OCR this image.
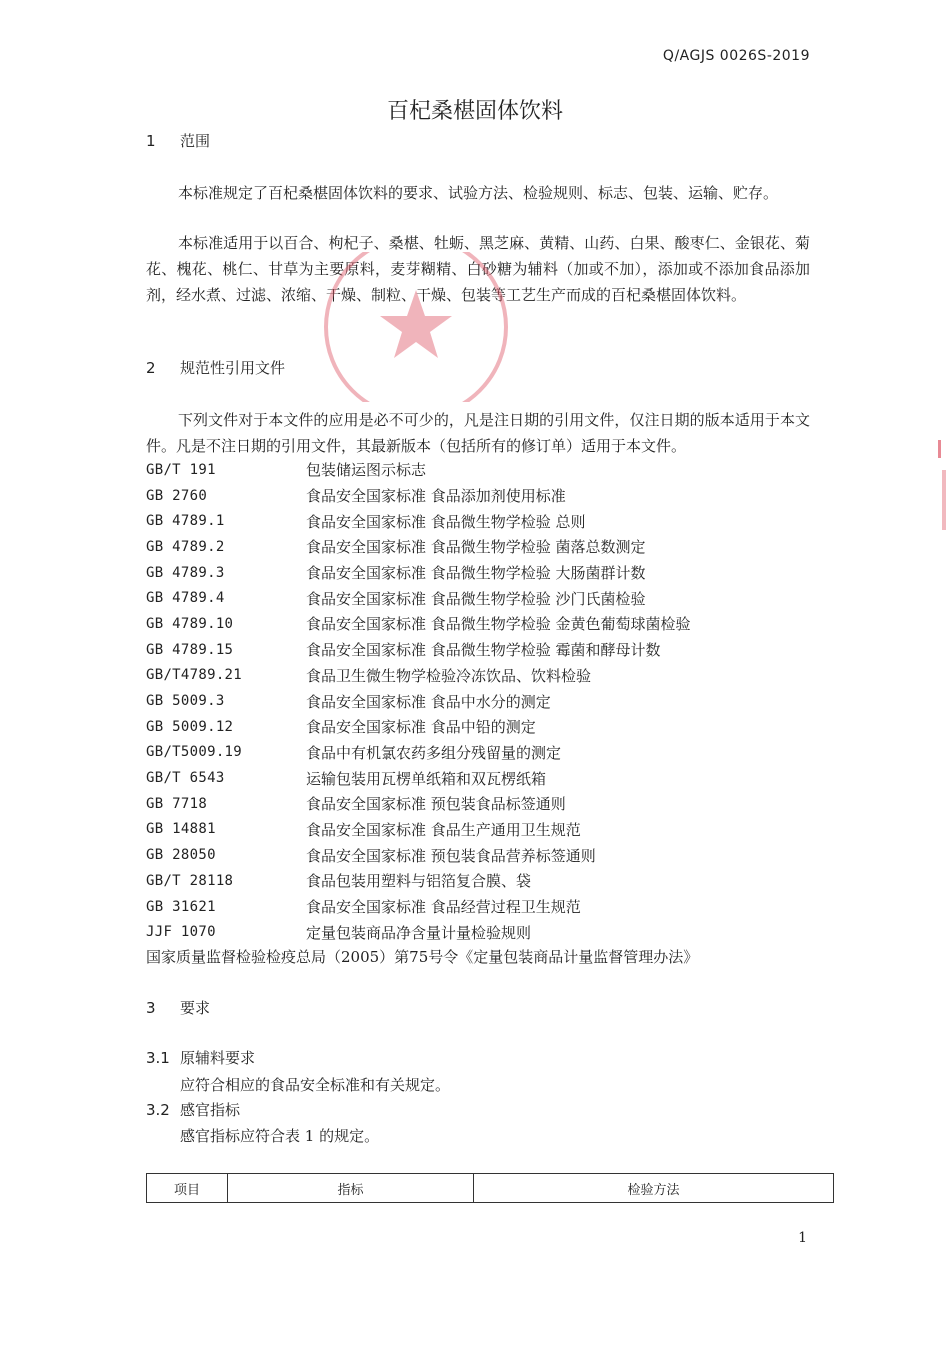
Q/AGJS 0026S-2019
百杞桑椹固体饮料
1 范围
本标准规定了百杞桑椹固体饮料的要求、试验方法、检验规则、标志、包装、运输、贮存。
本标准适用于以百合、枸杞子、桑椹、牡蛎、黑芝麻、黄精、山药、白果、酸枣仁、金银花、菊花、槐花、桃仁、甘草为主要原料，麦芽糊精、白砂糖为辅料（加或不加），添加或不添加食品添加剂，经水煮、过滤、浓缩、干燥、制粒、干燥、包装等工艺生产而成的百杞桑椹固体饮料。
2 规范性引用文件
下列文件对于本文件的应用是必不可少的，凡是注日期的引用文件，仅注日期的版本适用于本文件。凡是不注日期的引用文件，其最新版本（包括所有的修订单）适用于本文件。
GB/T 191	包装储运图示标志
GB 2760	食品安全国家标准 食品添加剂使用标准
GB 4789.1	食品安全国家标准 食品微生物学检验 总则
GB 4789.2	食品安全国家标准 食品微生物学检验 菌落总数测定
GB 4789.3	食品安全国家标准 食品微生物学检验 大肠菌群计数
GB 4789.4	食品安全国家标准 食品微生物学检验 沙门氏菌检验
GB 4789.10	食品安全国家标准 食品微生物学检验 金黄色葡萄球菌检验
GB 4789.15	食品安全国家标准 食品微生物学检验 霉菌和酵母计数
GB/T4789.21	食品卫生微生物学检验冷冻饮品、饮料检验
GB 5009.3	食品安全国家标准 食品中水分的测定
GB 5009.12	食品安全国家标准 食品中铅的测定
GB/T5009.19	食品中有机氯农药多组分残留量的测定
GB/T 6543	运输包装用瓦楞单纸箱和双瓦楞纸箱
GB 7718	食品安全国家标准 预包装食品标签通则
GB 14881	食品安全国家标准 食品生产通用卫生规范
GB 28050	食品安全国家标准 预包装食品营养标签通则
GB/T 28118	食品包装用塑料与铝箔复合膜、袋
GB 31621	食品安全国家标准 食品经营过程卫生规范
JJF 1070	定量包装商品净含量计量检验规则
国家质量监督检验检疫总局（2005）第75号令《定量包装商品计量监督管理办法》
3 要求
3.1 原辅料要求
应符合相应的食品安全标准和有关规定。
3.2 感官指标
感官指标应符合表 1 的规定。
项目	指标	检验方法
1
